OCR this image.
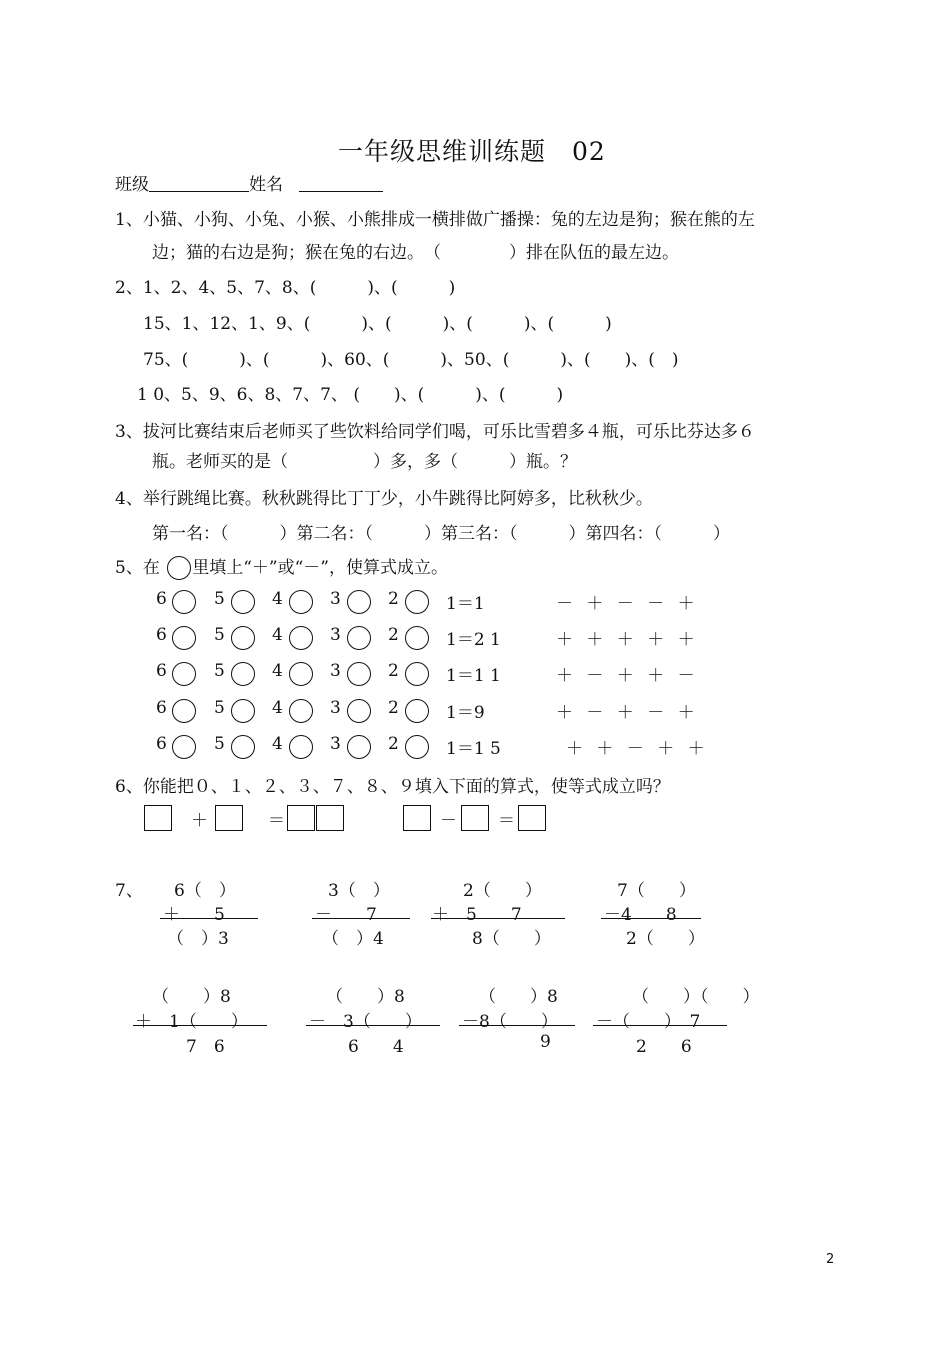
一年级思维训练题　02
班级	姓名
1、小猫、小狗、小兔、小猴、小熊排成一横排做广播操：兔的左边是狗；猴在熊的左
边；猫的右边是狗；猴在兔的右边。　（　　　　）排在队伍的最左边。
2、1、2、4、5、7、8、(　　　)、(　　　)
15、1、12、1、9、(　　　)、(　　　)、(　　　)、(　　　)
75、(　　　)、(　　　)、60、(　　　)、50、(　　　)、(　　)、(　)
1 0、5、9、6、8、7、7、 (　　)、(　　　)、(　　　)
3、拔河比赛结束后老师买了些饮料给同学们喝，可乐比雪碧多４瓶，可乐比芬达多６
瓶。老师买的是（　　　　　）多，多（　　　）瓶。？
4、举行跳绳比赛。秋秋跳得比丁丁少，小牛跳得比阿婷多，比秋秋少。
第一名：（　　　）第二名：（　　　）第三名：（　　　）第四名：（　　　）
5、在 里填上“＋”或“－”，使算式成立。
6	5	4	3	2	1＝1	－ ＋ － － ＋
6	5	4	3	2	1＝2 1	＋ ＋ ＋ ＋ ＋
6	5	4	3	2	1＝1 1	＋ － ＋ ＋ －
6	5	4	3	2	1＝9	＋ － ＋ － ＋
6	5	4	3	2	1＝1 5	＋ ＋ － ＋ ＋
6、你能把０、１、２、３、７、８、９填入下面的算式，使等式成立吗？
＋	＝	－ ＝
7、 6（　）
＋　　5
（　）3
3（　）
－　　7
（　）4
2（　　）
＋　5　　7
8（　　）
7（　　）
－4　　8
2（　　）
（　　）8
＋　1（　　）
7　6
（　　）8
－　3（　　）
6　　4
（　　）8
－8（　　）
9
（　　）（　　）
－（　　）　7
2　　6
2
